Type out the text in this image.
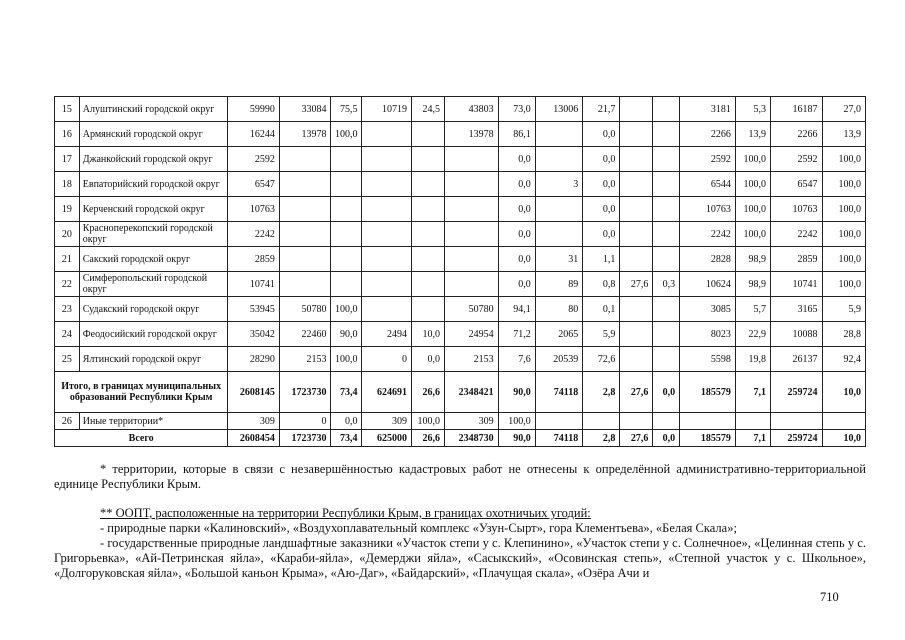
15	Алуштинский городской округ	59990	33084	75,5	10719	24,5	43803	73,0	13006	21,7			3181	5,3	16187	27,0
16	Армянский городской округ	16244	13978	100,0			13978	86,1		0,0			2266	13,9	2266	13,9
17	Джанкойский городской округ	2592						0,0		0,0			2592	100,0	2592	100,0
18	Евпаторийский городской округ	6547						0,0	3	0,0			6544	100,0	6547	100,0
19	Керченский городской округ	10763						0,0		0,0			10763	100,0	10763	100,0
20	Красноперекопский городской округ	2242						0,0		0,0			2242	100,0	2242	100,0
21	Сакский городской округ	2859						0,0	31	1,1			2828	98,9	2859	100,0
22	Симферопольский городской округ	10741						0,0	89	0,8	27,6	0,3	10624	98,9	10741	100,0
23	Судакский городской округ	53945	50780	100,0			50780	94,1	80	0,1			3085	5,7	3165	5,9
24	Феодосийский городской округ	35042	22460	90,0	2494	10,0	24954	71,2	2065	5,9			8023	22,9	10088	28,8
25	Ялтинский городской округ	28290	2153	100,0	0	0,0	2153	7,6	20539	72,6			5598	19,8	26137	92,4
Итого, в границах муниципальных образований Республики Крым		2608145	1723730	73,4	624691	26,6	2348421	90,0	74118	2,8	27,6	0,0	185579	7,1	259724	10,0
26	Иные территории*	309	0	0,0	309	100,0	309	100,0								
Всего		2608454	1723730	73,4	625000	26,6	2348730	90,0	74118	2,8	27,6	0,0	185579	7,1	259724	10,0
* территории, которые в связи с незавершённостью кадастровых работ не отнесены к определённой административно-территориальной единице Республики Крым.
** ООПТ, расположенные на территории Республики Крым, в границах охотничьих угодий:
- природные парки «Калиновский», «Воздухоплавательный комплекс «Узун-Сырт», гора Клементьева», «Белая Скала»;
- государственные природные ландшафтные заказники «Участок степи у с. Клепинино», «Участок степи у с. Солнечное», «Целинная степь у с. Григорьевка», «Ай-Петринская яйла», «Караби-яйла», «Демерджи яйла», «Сасыкский», «Осовинская степь», «Степной участок у с. Школьное», «Долгоруковская яйла», «Большой каньон Крыма», «Аю-Даг», «Байдарский», «Плачущая скала», «Озёра Ачи и
710
